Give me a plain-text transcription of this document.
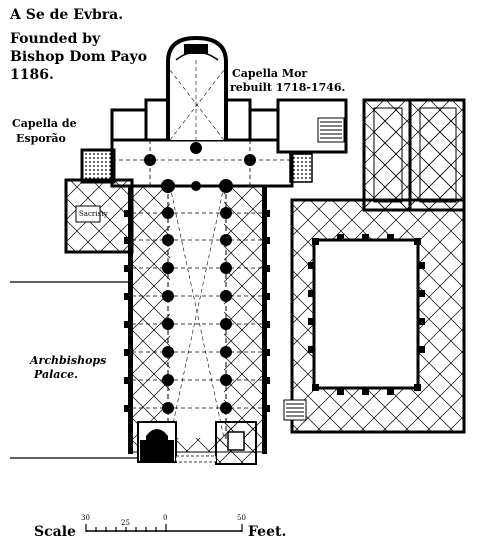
A Se de Evbra.
Founded by
Bishop Dom Payo
1186.	Capella Mor
rebuilt 1718-1746.
Capella de
Esporão
Sacristy
Archbishops
Palace.
Scale	Feet.
30
25
0	50
